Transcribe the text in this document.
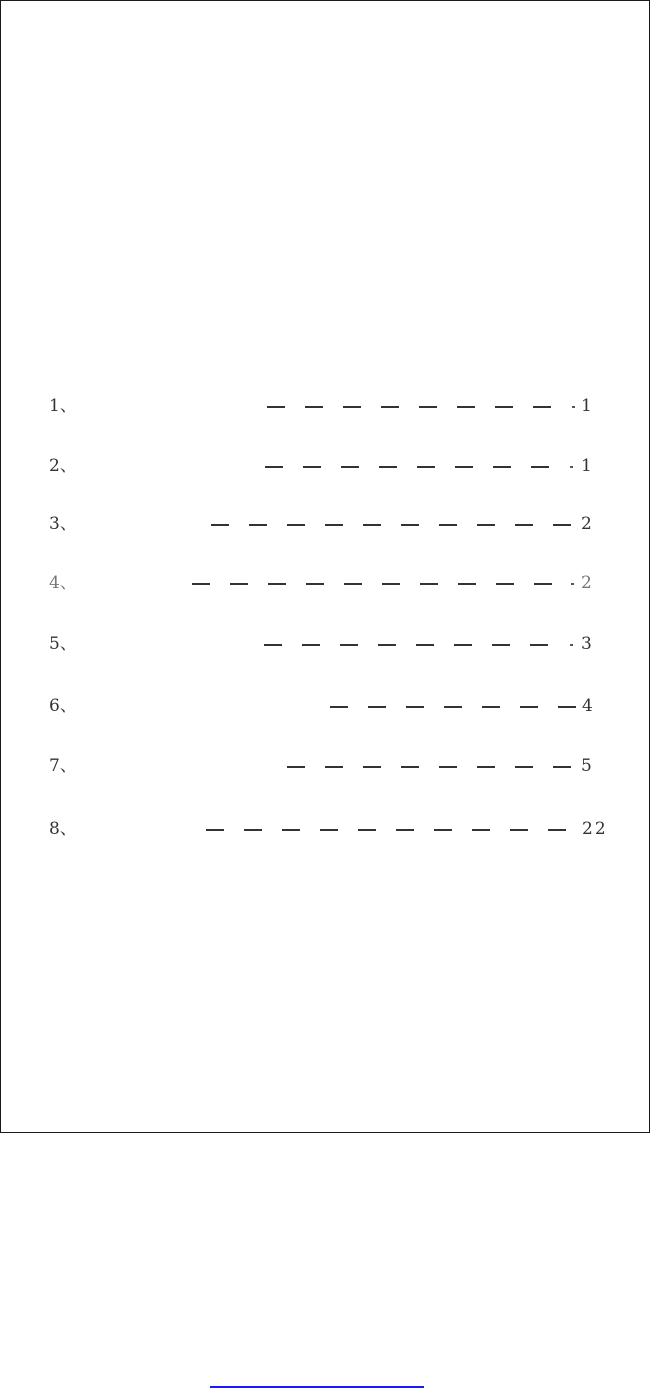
1、	1
2、	1
3、	2
4、	2
5、	3
6、	4
7、	5
8、	22
